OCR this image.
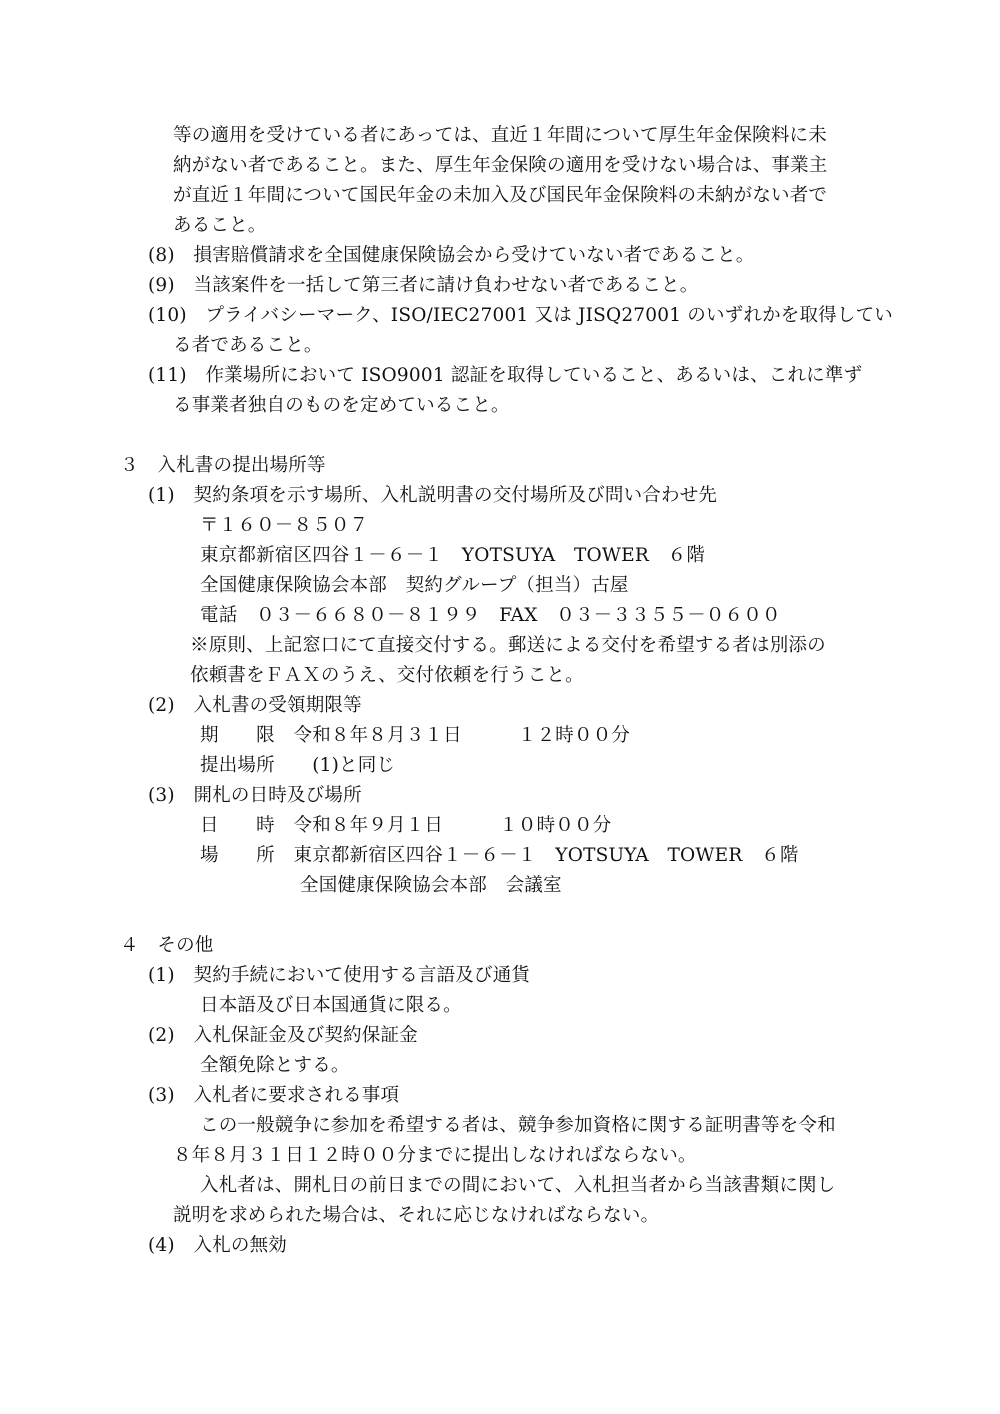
等の適用を受けている者にあっては、直近１年間について厚生年金保険料に未
納がない者であること。また、厚生年金保険の適用を受けない場合は、事業主
が直近１年間について国民年金の未加入及び国民年金保険料の未納がない者で
あること。
(8)　損害賠償請求を全国健康保険協会から受けていない者であること。
(9)　当該案件を一括して第三者に請け負わせない者であること。
(10)　プライバシーマーク、ISO/IEC27001 又は JISQ27001 のいずれかを取得してい
る者であること。
(11)　作業場所において ISO9001 認証を取得していること、あるいは、これに準ず
る事業者独自のものを定めていること。
３　入札書の提出場所等
(1)　契約条項を示す場所、入札説明書の交付場所及び問い合わせ先
〒１６０－８５０７
東京都新宿区四谷１－６－１　YOTSUYA　TOWER　６階
全国健康保険協会本部　契約グループ（担当）古屋
電話　０３－６６８０－８１９９　FAX　０３－３３５５－０６００
※原則、上記窓口にて直接交付する。郵送による交付を希望する者は別添の
依頼書をＦＡＸのうえ、交付依頼を行うこと。
(2)　入札書の受領期限等
期　　限　令和８年８月３１日　　　１２時００分
提出場所　　(1)と同じ
(3)　開札の日時及び場所
日　　時　令和８年９月１日　　　１０時００分
場　　所　東京都新宿区四谷１－６－１　YOTSUYA　TOWER　６階
全国健康保険協会本部　会議室
４　その他
(1)　契約手続において使用する言語及び通貨
日本語及び日本国通貨に限る。
(2)　入札保証金及び契約保証金
全額免除とする。
(3)　入札者に要求される事項
この一般競争に参加を希望する者は、競争参加資格に関する証明書等を令和
８年８月３１日１２時００分までに提出しなければならない。
入札者は、開札日の前日までの間において、入札担当者から当該書類に関し
説明を求められた場合は、それに応じなければならない。
(4)　入札の無効
